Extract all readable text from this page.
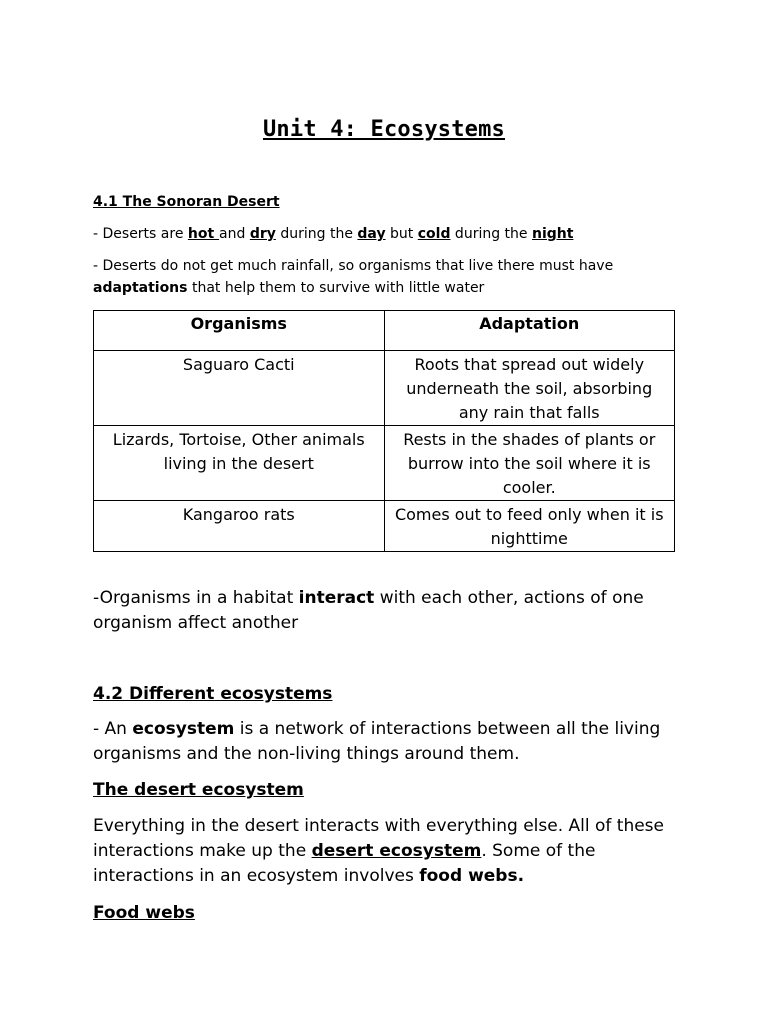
Unit 4: Ecosystems

4.1 The Sonoran Desert

- Deserts are hot and dry during the day but cold during the night

- Deserts do not get much rainfall, so organisms that live there must have adaptations that help them to survive with little water

Organisms	Adaptation
Saguaro Cacti	Roots that spread out widely underneath the soil, absorbing any rain that falls
Lizards, Tortoise, Other animals living in the desert	Rests in the shades of plants or burrow into the soil where it is cooler.
Kangaroo rats	Comes out to feed only when it is nighttime

-Organisms in a habitat interact with each other, actions of one organism affect another

4.2 Different ecosystems

- An ecosystem is a network of interactions between all the living organisms and the non-living things around them.

The desert ecosystem

Everything in the desert interacts with everything else. All of these interactions make up the desert ecosystem. Some of the interactions in an ecosystem involves food webs.

Food webs
